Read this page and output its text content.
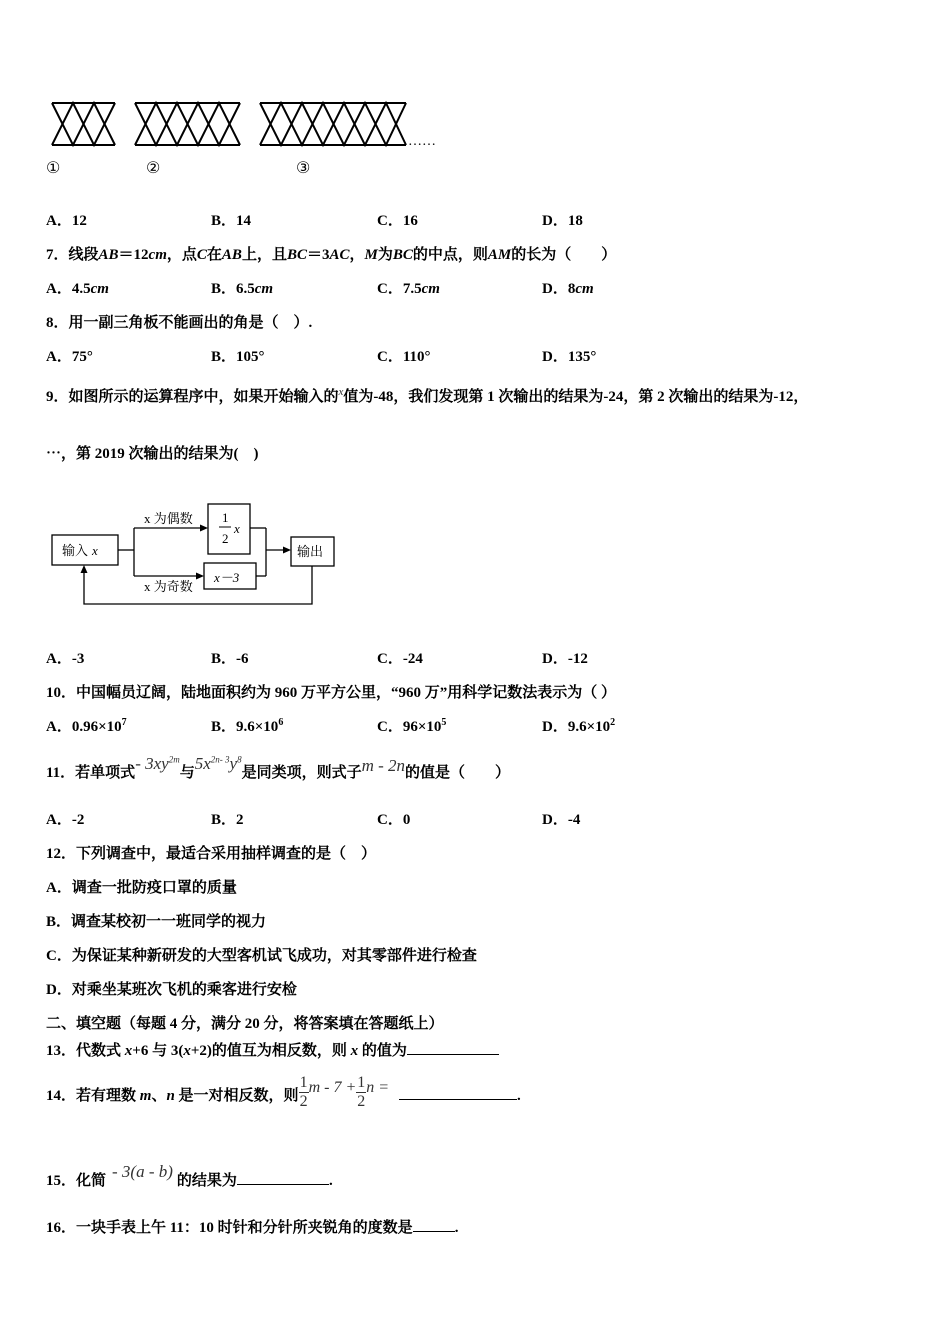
……
①	②	③
A．12	B．14	C．16	D．18
7．线段AB＝12cm，点C在AB上，且BC＝3AC，M为BC的中点，则AM的长为（　　）
A．4.5cm	B．6.5cm	C．7.5cm	D．8cm
8．用一副三角板不能画出的角是（　）.
A．75°	B．105°	C．110°	D．135°
9．如图所示的运算程序中，如果开始输入的$^x$值为-48，我们发现第 1 次输出的结果为-24，第 2 次输出的结果为-12，
⋯，第 2019 次输出的结果为(　)
输入 x
x 为偶数
x 为奇数
1
2
x
x－3
输出
A．-3	B．-6	C．-24	D．-12
10．中国幅员辽阔，陆地面积约为 960 万平方公里，“960 万”用科学记数法表示为（ ）
A．$0.96\times 10^7$	B．$9.6\times 10^6$	C．$96\times 10^5$	D．$9.6\times 10^2$
11．若单项式- $3xy^{2m}$与$5x^{2n- 3}y^8$是同类项，则式子m - 2n的值是（　　）
A．-2	B．2	C．0	D．-4
12．下列调查中，最适合采用抽样调查的是（　）
A．调查一批防疫口罩的质量
B．调查某校初一一班同学的视力
C．为保证某种新研发的大型客机试飞成功，对其零部件进行检查
D．对乘坐某班次飞机的乘客进行安检
二、填空题（每题 4 分，满分 20 分，将答案填在答题纸上）
13．代数式 x+6 与 3(x+2)的值互为相反数，则 x 的值为
14．若有理数 m、n 是一对相反数，则 $\frac{1}{2}$ $m - 7 + \frac{1}{2}$ n =	.
15．化简 - 3(a - b) 的结果为	.
16．一块手表上午 11：10 时针和分针所夹锐角的度数是	.
